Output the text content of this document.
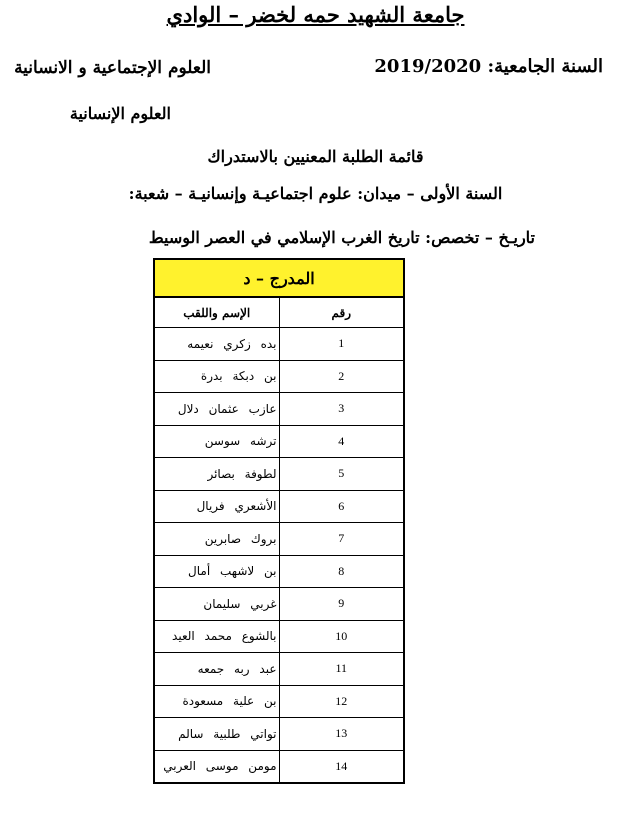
جامعة الشهيد حمه لخضر – الوادي
العلوم الإجتماعية و الانسانية	السنة الجامعية: 2019/2020
العلوم الإنسانية
قائمة الطلبة المعنيين بالاستدراك
السنة الأولى – ميدان: علوم اجتماعيـة وإنسانيـة – شعبة:
تاريـخ – تخصص: تاريخ الغرب الإسلامي في العصر الوسيط
المدرج – د	
رقم	الإسم واللقب
1	بده زكري نعيمه
2	بن دبكة بدرة
3	عازب عثمان دلال
4	ترشه سوسن
5	لطوفة بصائر
6	الأشعري فريال
7	بروك صابرين
8	بن لاشهب أمال
9	غربي سليمان
10	بالشوع محمد العيد
11	عبد ربه جمعه
12	بن علية مسعودة
13	تواتي طلبية سالم
14	مومن موسى العربي
